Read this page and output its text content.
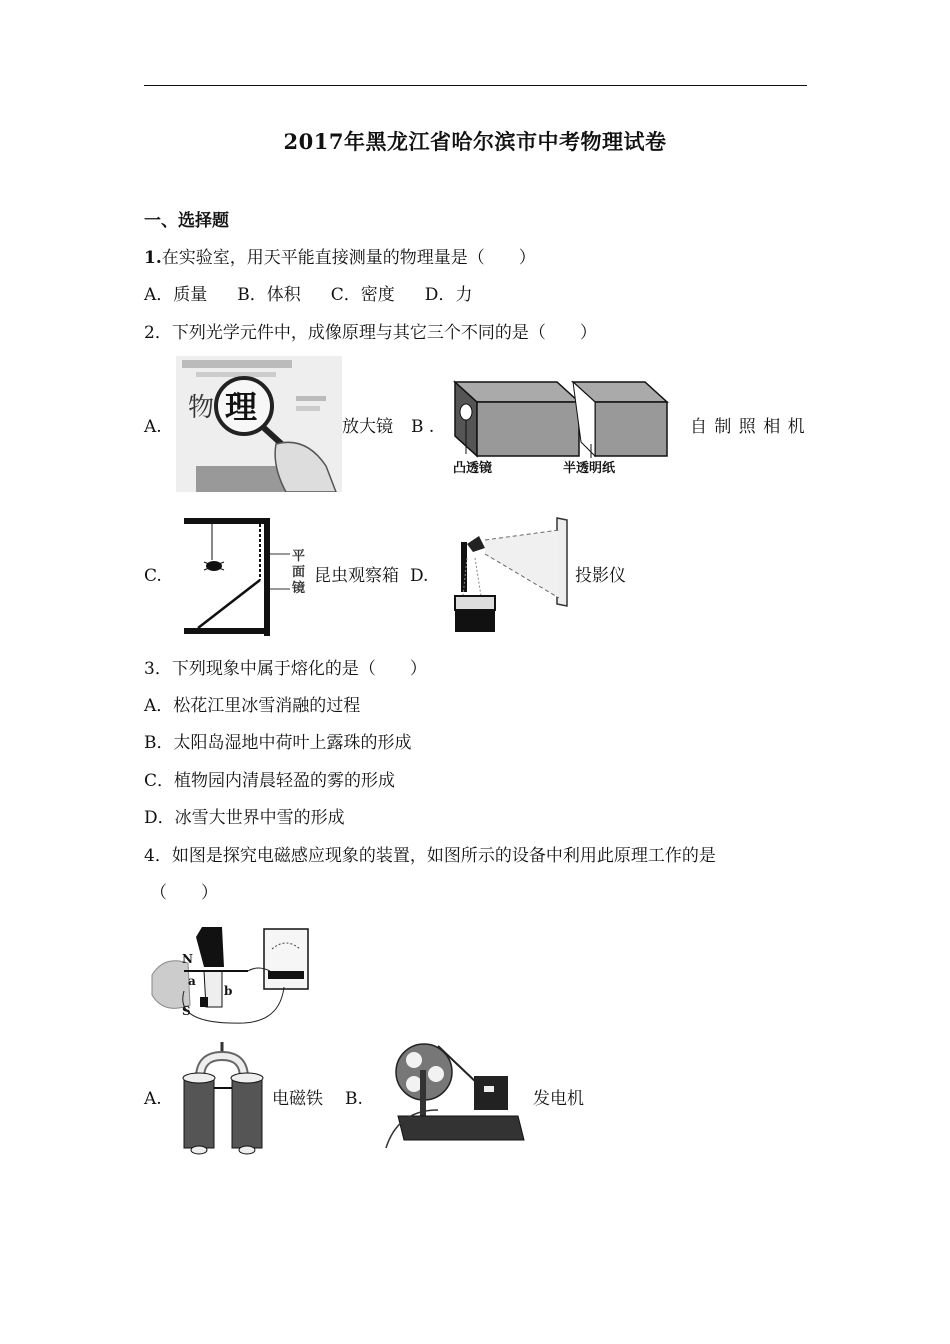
2017年黑龙江省哈尔滨市中考物理试卷
一、选择题
1.在实验室，用天平能直接测量的物理量是（　　）
A．质量 B．体积 C．密度 D．力
2．下列光学元件中，成像原理与其它三个不同的是（　　）
A.
物 理
放大镜 B .
凸透镜	半透明纸
自 制 照 相 机
C.
平
面
镜
昆虫观察箱 D.	投影仪
3．下列现象中属于熔化的是（　　）
A．松花江里冰雪消融的过程
B．太阳岛湿地中荷叶上露珠的形成
C．植物园内清晨轻盈的雾的形成
D．冰雪大世界中雪的形成
4．如图是探究电磁感应现象的装置，如图所示的设备中利用此原理工作的是
（　　）
N
a
b
S
A.	电磁铁 B.	发电机
